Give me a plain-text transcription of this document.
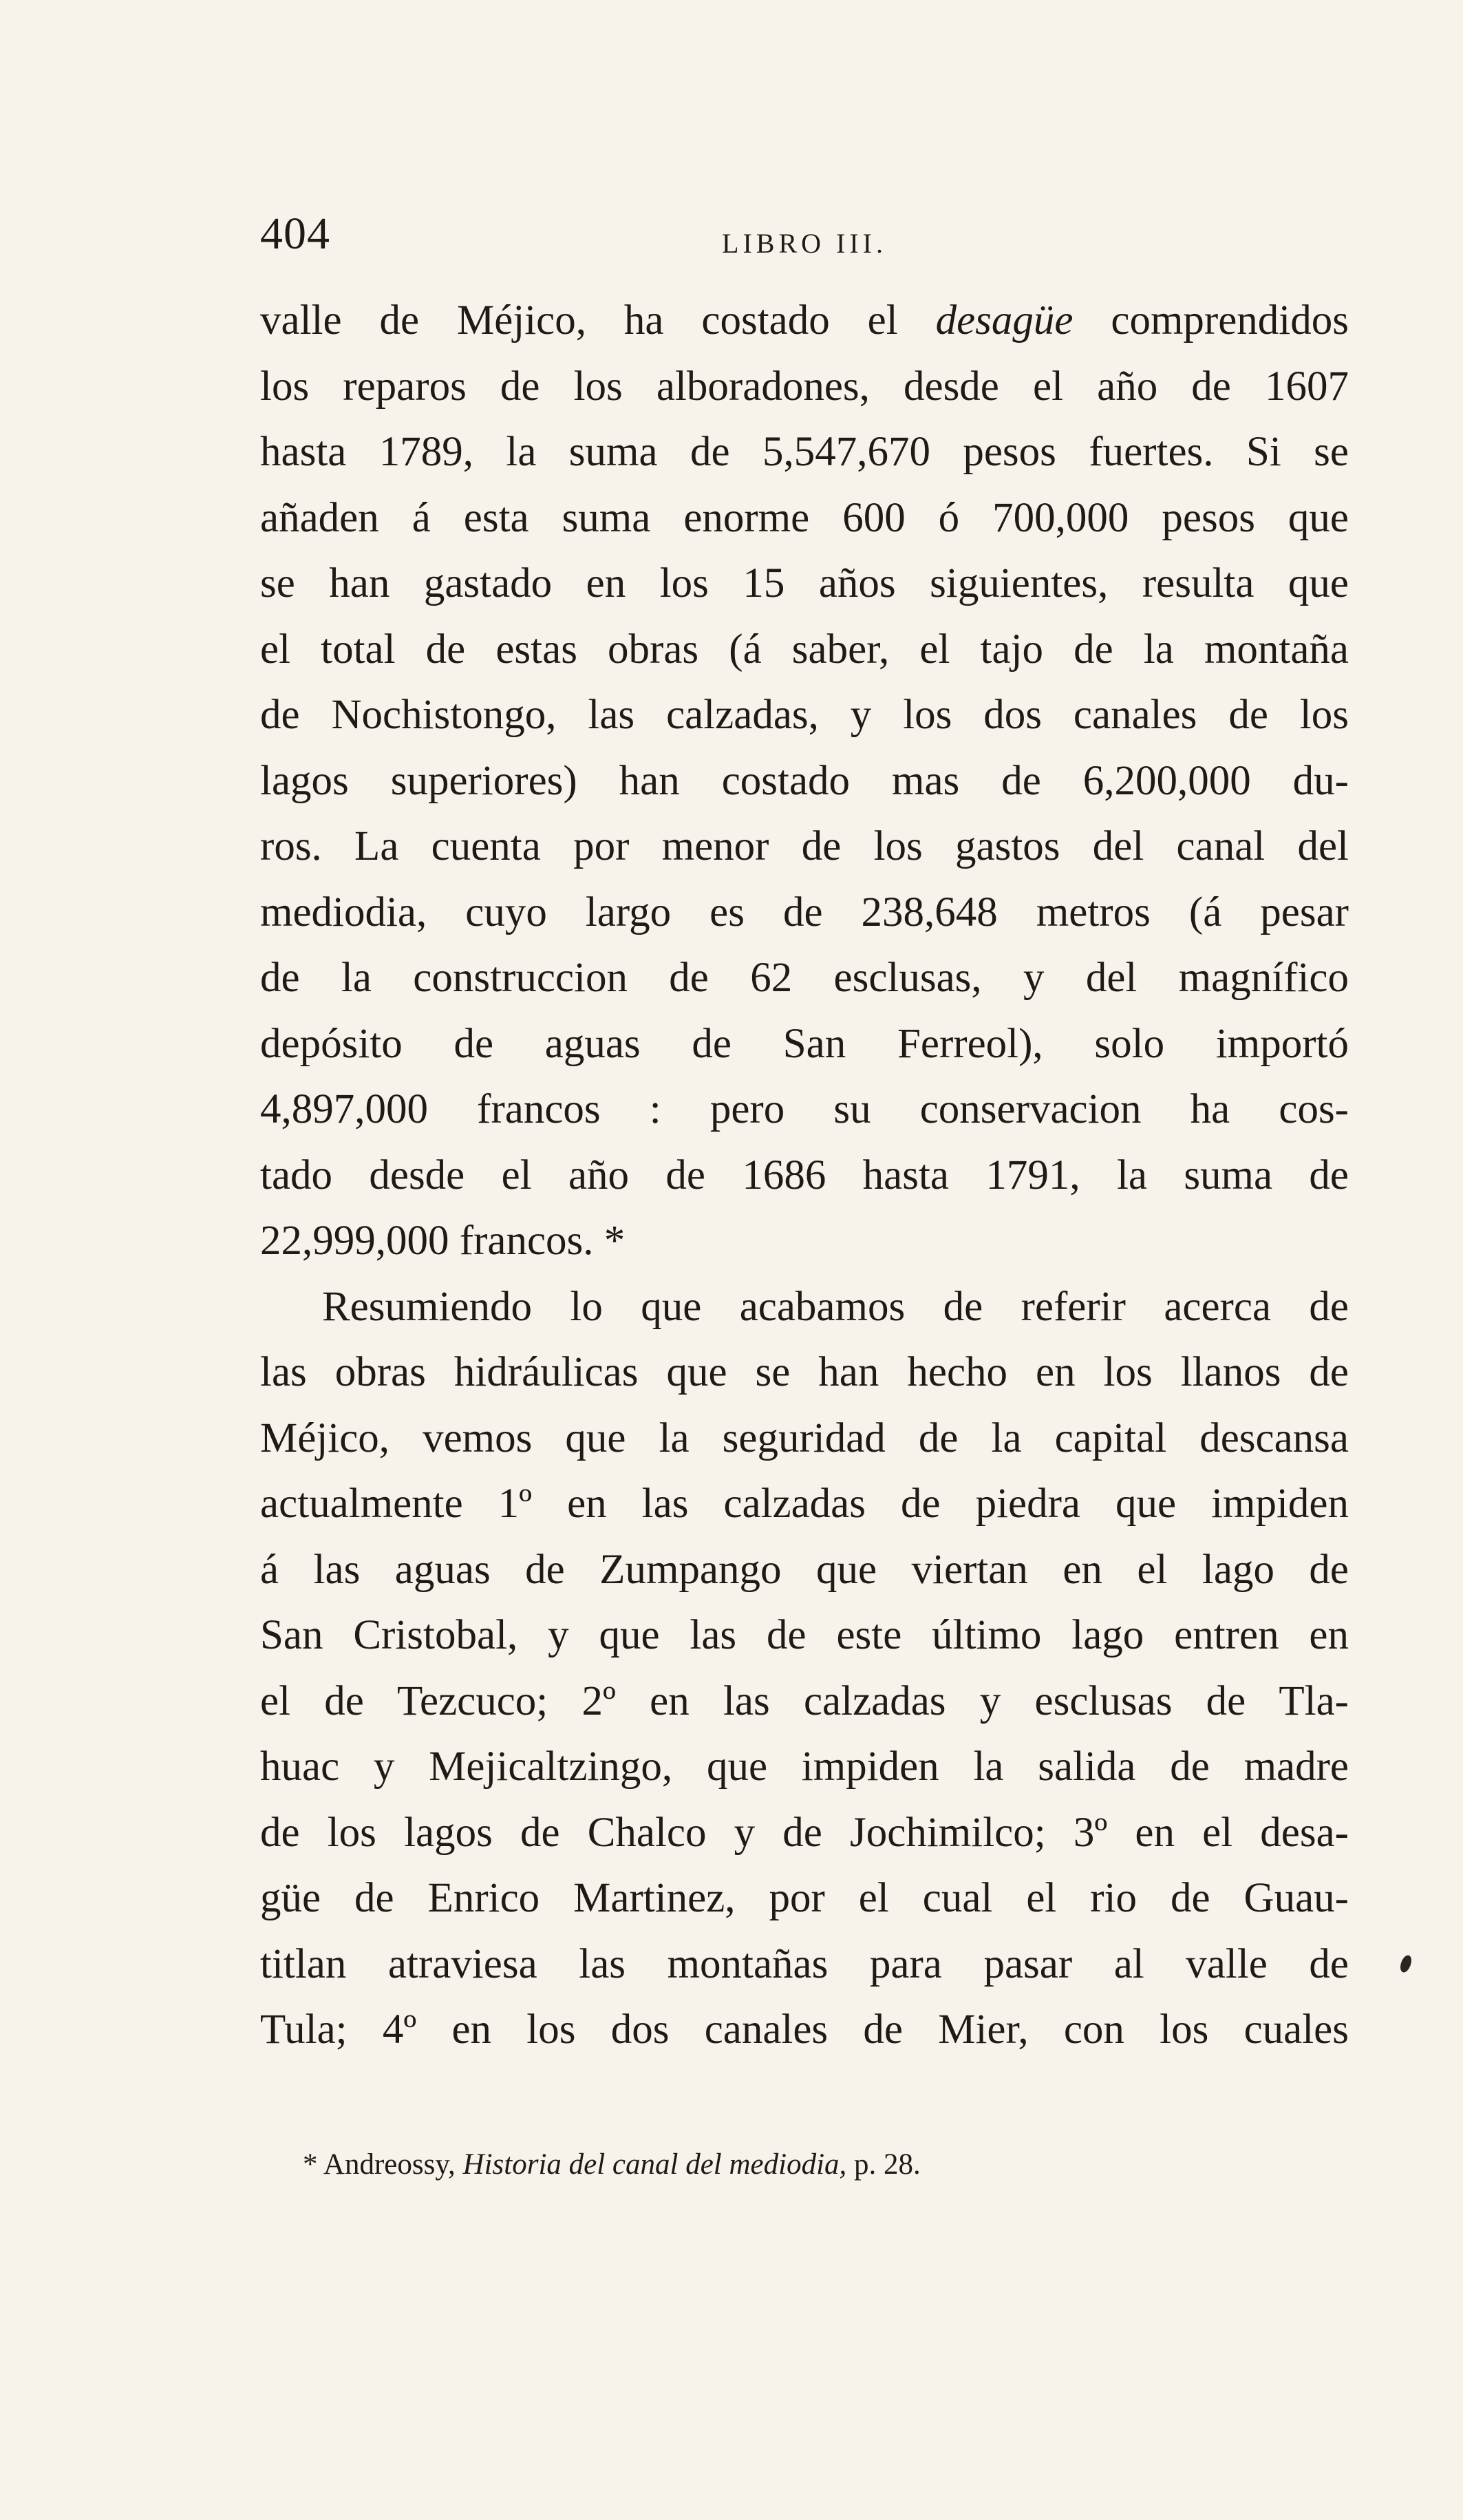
404	LIBRO III.
valle de Méjico, ha costado el desagüe comprendidos
los reparos de los alboradones, desde el año de 1607
hasta 1789, la suma de 5,547,670 pesos fuertes. Si se
añaden á esta suma enorme 600 ó 700,000 pesos que
se han gastado en los 15 años siguientes, resulta que
el total de estas obras (á saber, el tajo de la montaña
de Nochistongo, las calzadas, y los dos canales de los
lagos superiores) han costado mas de 6,200,000 du-
ros. La cuenta por menor de los gastos del canal del
mediodia, cuyo largo es de 238,648 metros (á pesar
de la construccion de 62 esclusas, y del magnífico
depósito de aguas de San Ferreol), solo importó
4,897,000 francos : pero su conservacion ha cos-
tado desde el año de 1686 hasta 1791, la suma de
22,999,000 francos. *
Resumiendo lo que acabamos de referir acerca de
las obras hidráulicas que se han hecho en los llanos de
Méjico, vemos que la seguridad de la capital descansa
actualmente 1º en las calzadas de piedra que impiden
á las aguas de Zumpango que viertan en el lago de
San Cristobal, y que las de este último lago entren en
el de Tezcuco; 2º en las calzadas y esclusas de Tla-
huac y Mejicaltzingo, que impiden la salida de madre
de los lagos de Chalco y de Jochimilco; 3º en el desa-
güe de Enrico Martinez, por el cual el rio de Guau-
titlan atraviesa las montañas para pasar al valle de
Tula; 4º en los dos canales de Mier, con los cuales
* Andreossy, Historia del canal del mediodia, p. 28.
